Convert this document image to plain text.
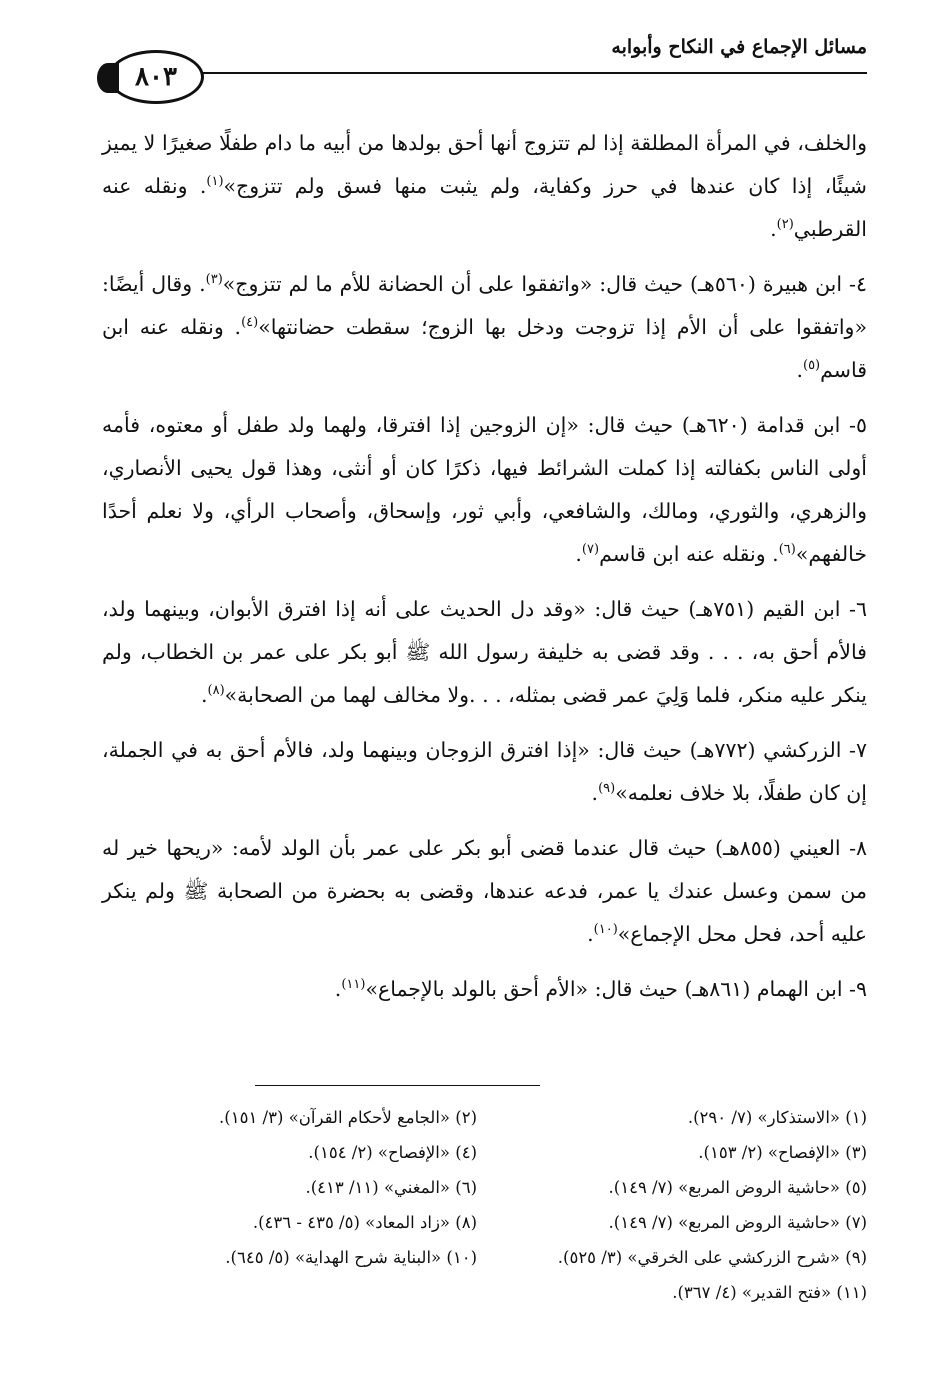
مسائل الإجماع في النكاح وأبوابه
٨٠٣

والخلف، في المرأة المطلقة إذا لم تتزوج أنها أحق بولدها من أبيه ما دام طفلًا صغيرًا لا يميز شيئًا، إذا كان عندها في حرز وكفاية، ولم يثبت منها فسق ولم تتزوج»$^{(١)}$. ونقله عنه القرطبي$^{(٢)}$.

٤- ابن هبيرة (٥٦٠هـ) حيث قال: «واتفقوا على أن الحضانة للأم ما لم تتزوج»$^{(٣)}$. وقال أيضًا: «واتفقوا على أن الأم إذا تزوجت ودخل بها الزوج؛ سقطت حضانتها»$^{(٤)}$. ونقله عنه ابن قاسم$^{(٥)}$.

٥- ابن قدامة (٦٢٠هـ) حيث قال: «إن الزوجين إذا افترقا، ولهما ولد طفل أو معتوه، فأمه أولى الناس بكفالته إذا كملت الشرائط فيها، ذكرًا كان أو أنثى، وهذا قول يحيى الأنصاري، والزهري، والثوري، ومالك، والشافعي، وأبي ثور، وإسحاق، وأصحاب الرأي، ولا نعلم أحدًا خالفهم»$^{(٦)}$. ونقله عنه ابن قاسم$^{(٧)}$.

٦- ابن القيم (٧٥١هـ) حيث قال: «وقد دل الحديث على أنه إذا افترق الأبوان، وبينهما ولد، فالأم أحق به، . . . وقد قضى به خليفة رسول الله ﷺ أبو بكر على عمر بن الخطاب، ولم ينكر عليه منكر، فلما وَلِيَ عمر قضى بمثله، . . .ولا مخالف لهما من الصحابة»$^{(٨)}$.

٧- الزركشي (٧٧٢هـ) حيث قال: «إذا افترق الزوجان وبينهما ولد، فالأم أحق به في الجملة، إن كان طفلًا، بلا خلاف نعلمه»$^{(٩)}$.

٨- العيني (٨٥٥هـ) حيث قال عندما قضى أبو بكر على عمر بأن الولد لأمه: «ريحها خير له من سمن وعسل عندك يا عمر، فدعه عندها، وقضى به بحضرة من الصحابة ﷺ ولم ينكر عليه أحد، فحل محل الإجماع»$^{(١٠)}$.

٩- ابن الهمام (٨٦١هـ) حيث قال: «الأم أحق بالولد بالإجماع»$^{(١١)}$.

(١) «الاستذكار» (٧/ ٢٩٠).
(٢) «الجامع لأحكام القرآن» (٣/ ١٥١).
(٣) «الإفصاح» (٢/ ١٥٣).
(٤) «الإفصاح» (٢/ ١٥٤).
(٥) «حاشية الروض المربع» (٧/ ١٤٩).
(٦) «المغني» (١١/ ٤١٣).
(٧) «حاشية الروض المربع» (٧/ ١٤٩).
(٨) «زاد المعاد» (٥/ ٤٣٥ - ٤٣٦).
(٩) «شرح الزركشي على الخرقي» (٣/ ٥٢٥).
(١٠) «البناية شرح الهداية» (٥/ ٦٤٥).
(١١) «فتح القدير» (٤/ ٣٦٧).
